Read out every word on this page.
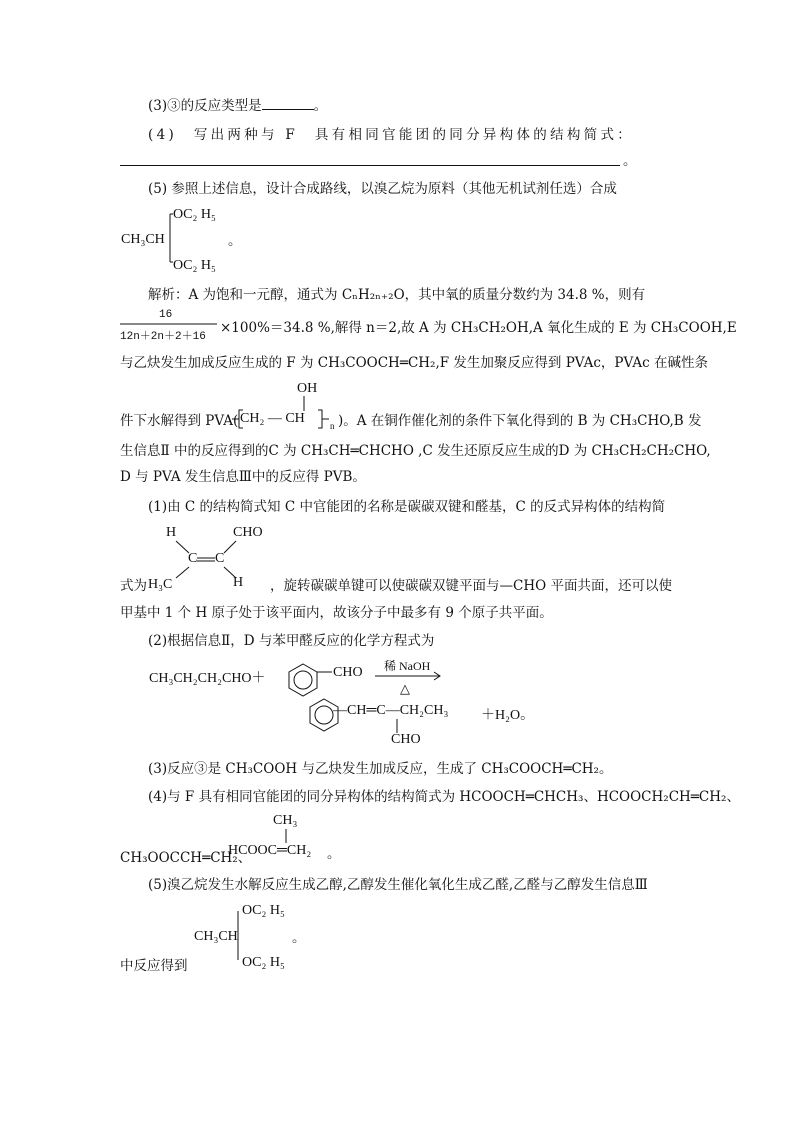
(3)③的反应类型是	。
(4)　写出两种与 F　具有相同官能团的同分异构体的结构简式：
。
(5) 参照上述信息，设计合成路线，以溴乙烷为原料（其他无机试剂任选）合成
OC₂ H₅
CH₃CH
OC₂ H₅
。
解析：A 为饱和一元醇，通式为 CₙH₂ₙ₊₂O，其中氧的质量分数约为 34.8 %，则有
16
12n＋2n＋2＋16
×100%＝34.8 %,解得 n＝2,故 A 为 CH₃CH₂OH,A 氧化生成的 E 为 CH₃COOH,E
与乙炔发生加成反应生成的 F 为 CH₃COOCH═CH₂,F 发生加聚反应得到 PVAc，PVAc 在碱性条
OH
件下水解得到 PVA( CH₂ — CH	n )。A 在铜作催化剂的条件下氧化得到的 B 为 CH₃CHO,B 发
生信息Ⅱ 中的反应得到的C 为 CH₃CH═CHCHO ,C 发生还原反应生成的D 为 CH₃CH₂CH₂CHO,
D 与 PVA 发生信息Ⅲ中的反应得 PVB。
(1)由 C 的结构简式知 C 中官能团的名称是碳碳双键和醛基，C 的反式异构体的结构简
H	CHO
C C
式为 H₃C	H ，旋转碳碳单键可以使碳碳双键平面与—CHO 平面共面，还可以使
甲基中 1 个 H 原子处于该平面内，故该分子中最多有 9 个原子共平面。
(2)根据信息Ⅱ，D 与苯甲醛反应的化学方程式为
CH₃CH₂CH₂CHO＋	CHO 稀 NaOH
△
—CH═C—CH₂CH₃ ＋H₂O。
CHO
(3)反应③是 CH₃COOH 与乙炔发生加成反应，生成了 CH₃COOCH═CH₂。
(4)与 F 具有相同官能团的同分异构体的结构简式为 HCOOCH═CHCH₃、HCOOCH₂CH═CH₂、
CH₃
CH₃OOCCH═CH₂、
HCOOC═CH₂ 。
(5)溴乙烷发生水解反应生成乙醇,乙醇发生催化氧化生成乙醛,乙醛与乙醇发生信息Ⅲ
OC₂ H₅
CH₃CH	。
OC₂ H₅
中反应得到
